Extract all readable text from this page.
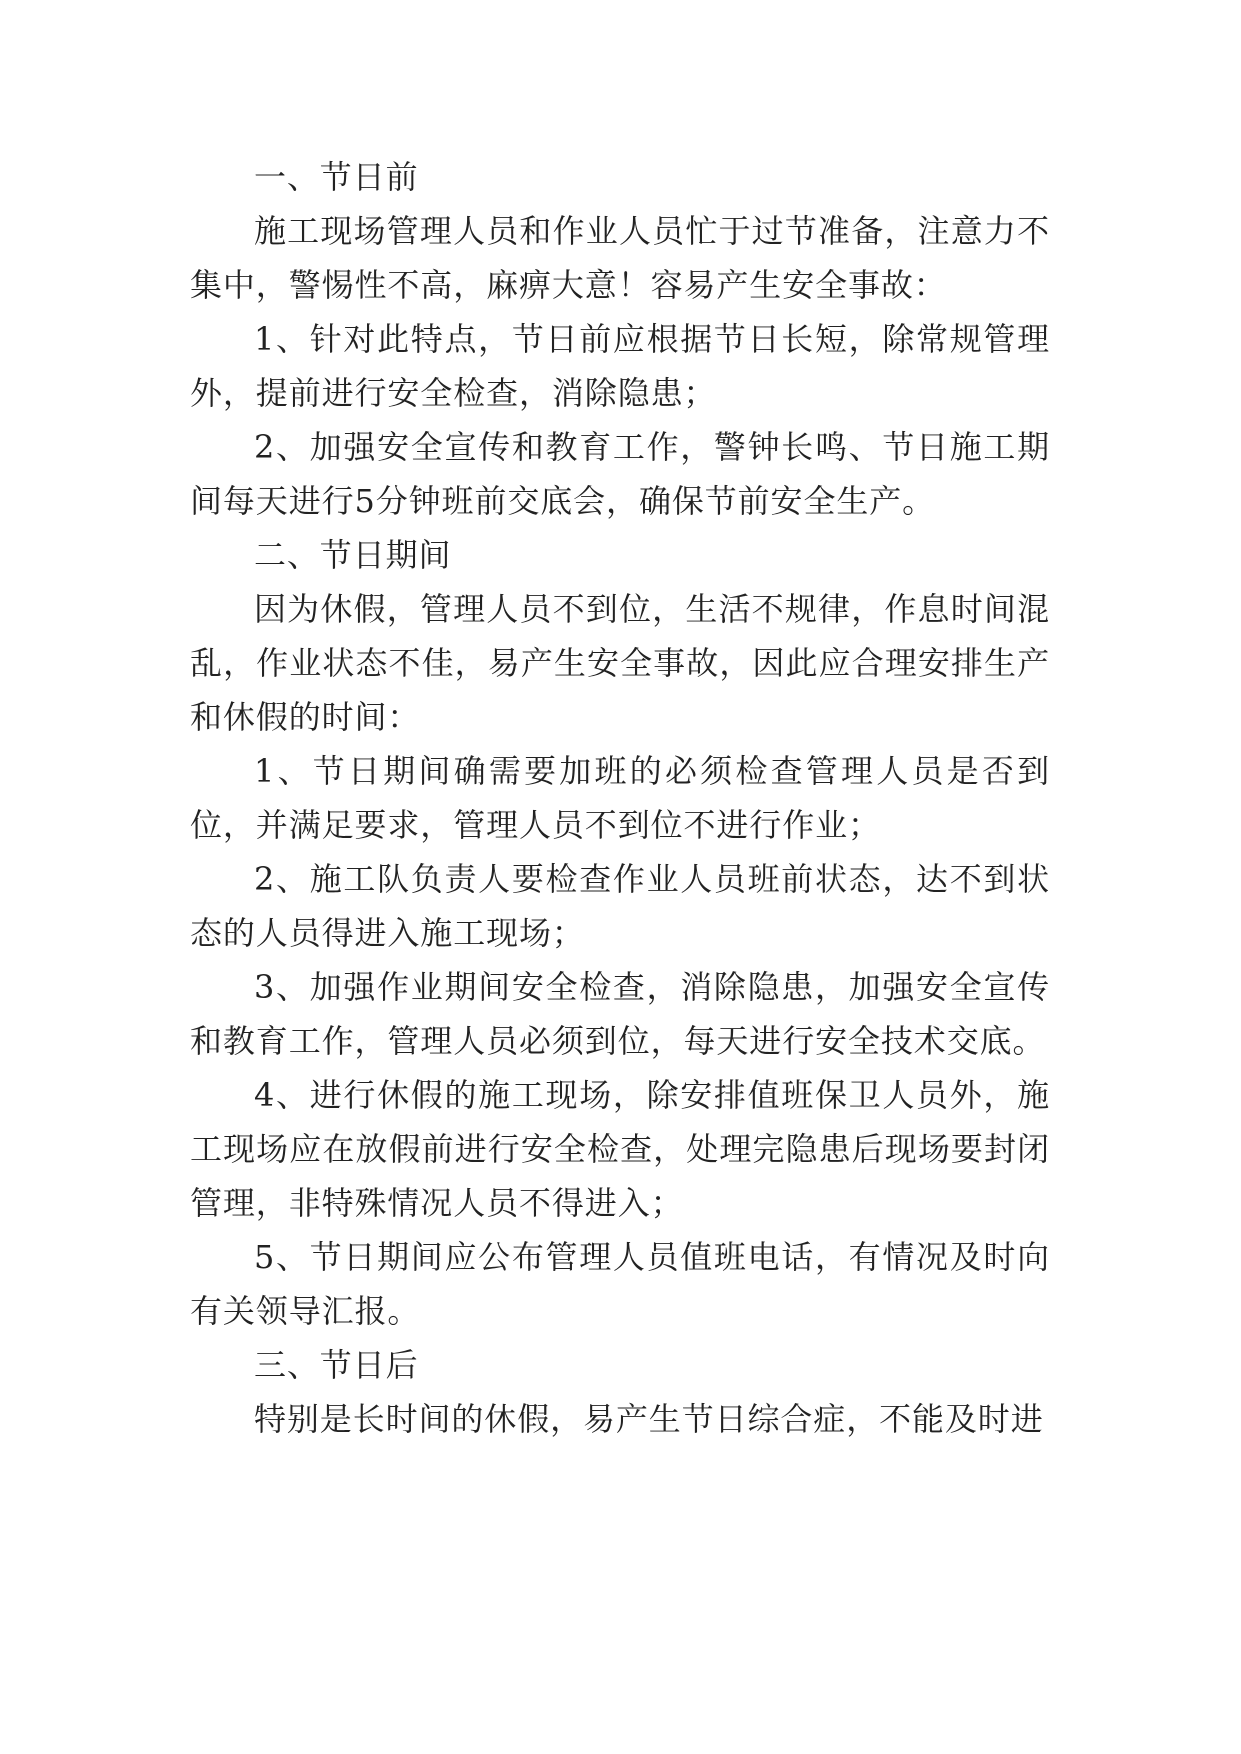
一、节日前

施工现场管理人员和作业人员忙于过节准备，注意力不集中，警惕性不高，麻痹大意！容易产生安全事故：

1、针对此特点，节日前应根据节日长短，除常规管理外，提前进行安全检查，消除隐患；

2、加强安全宣传和教育工作，警钟长鸣、节日施工期间每天进行5分钟班前交底会，确保节前安全生产。

二、节日期间

因为休假，管理人员不到位，生活不规律，作息时间混乱，作业状态不佳，易产生安全事故，因此应合理安排生产和休假的时间：

1、节日期间确需要加班的必须检查管理人员是否到位，并满足要求，管理人员不到位不进行作业；

2、施工队负责人要检查作业人员班前状态，达不到状态的人员得进入施工现场；

3、加强作业期间安全检查，消除隐患，加强安全宣传和教育工作，管理人员必须到位，每天进行安全技术交底。

4、进行休假的施工现场，除安排值班保卫人员外，施工现场应在放假前进行安全检查，处理完隐患后现场要封闭管理，非特殊情况人员不得进入；

5、节日期间应公布管理人员值班电话，有情况及时向有关领导汇报。

三、节日后

特别是长时间的休假，易产生节日综合症，不能及时进
